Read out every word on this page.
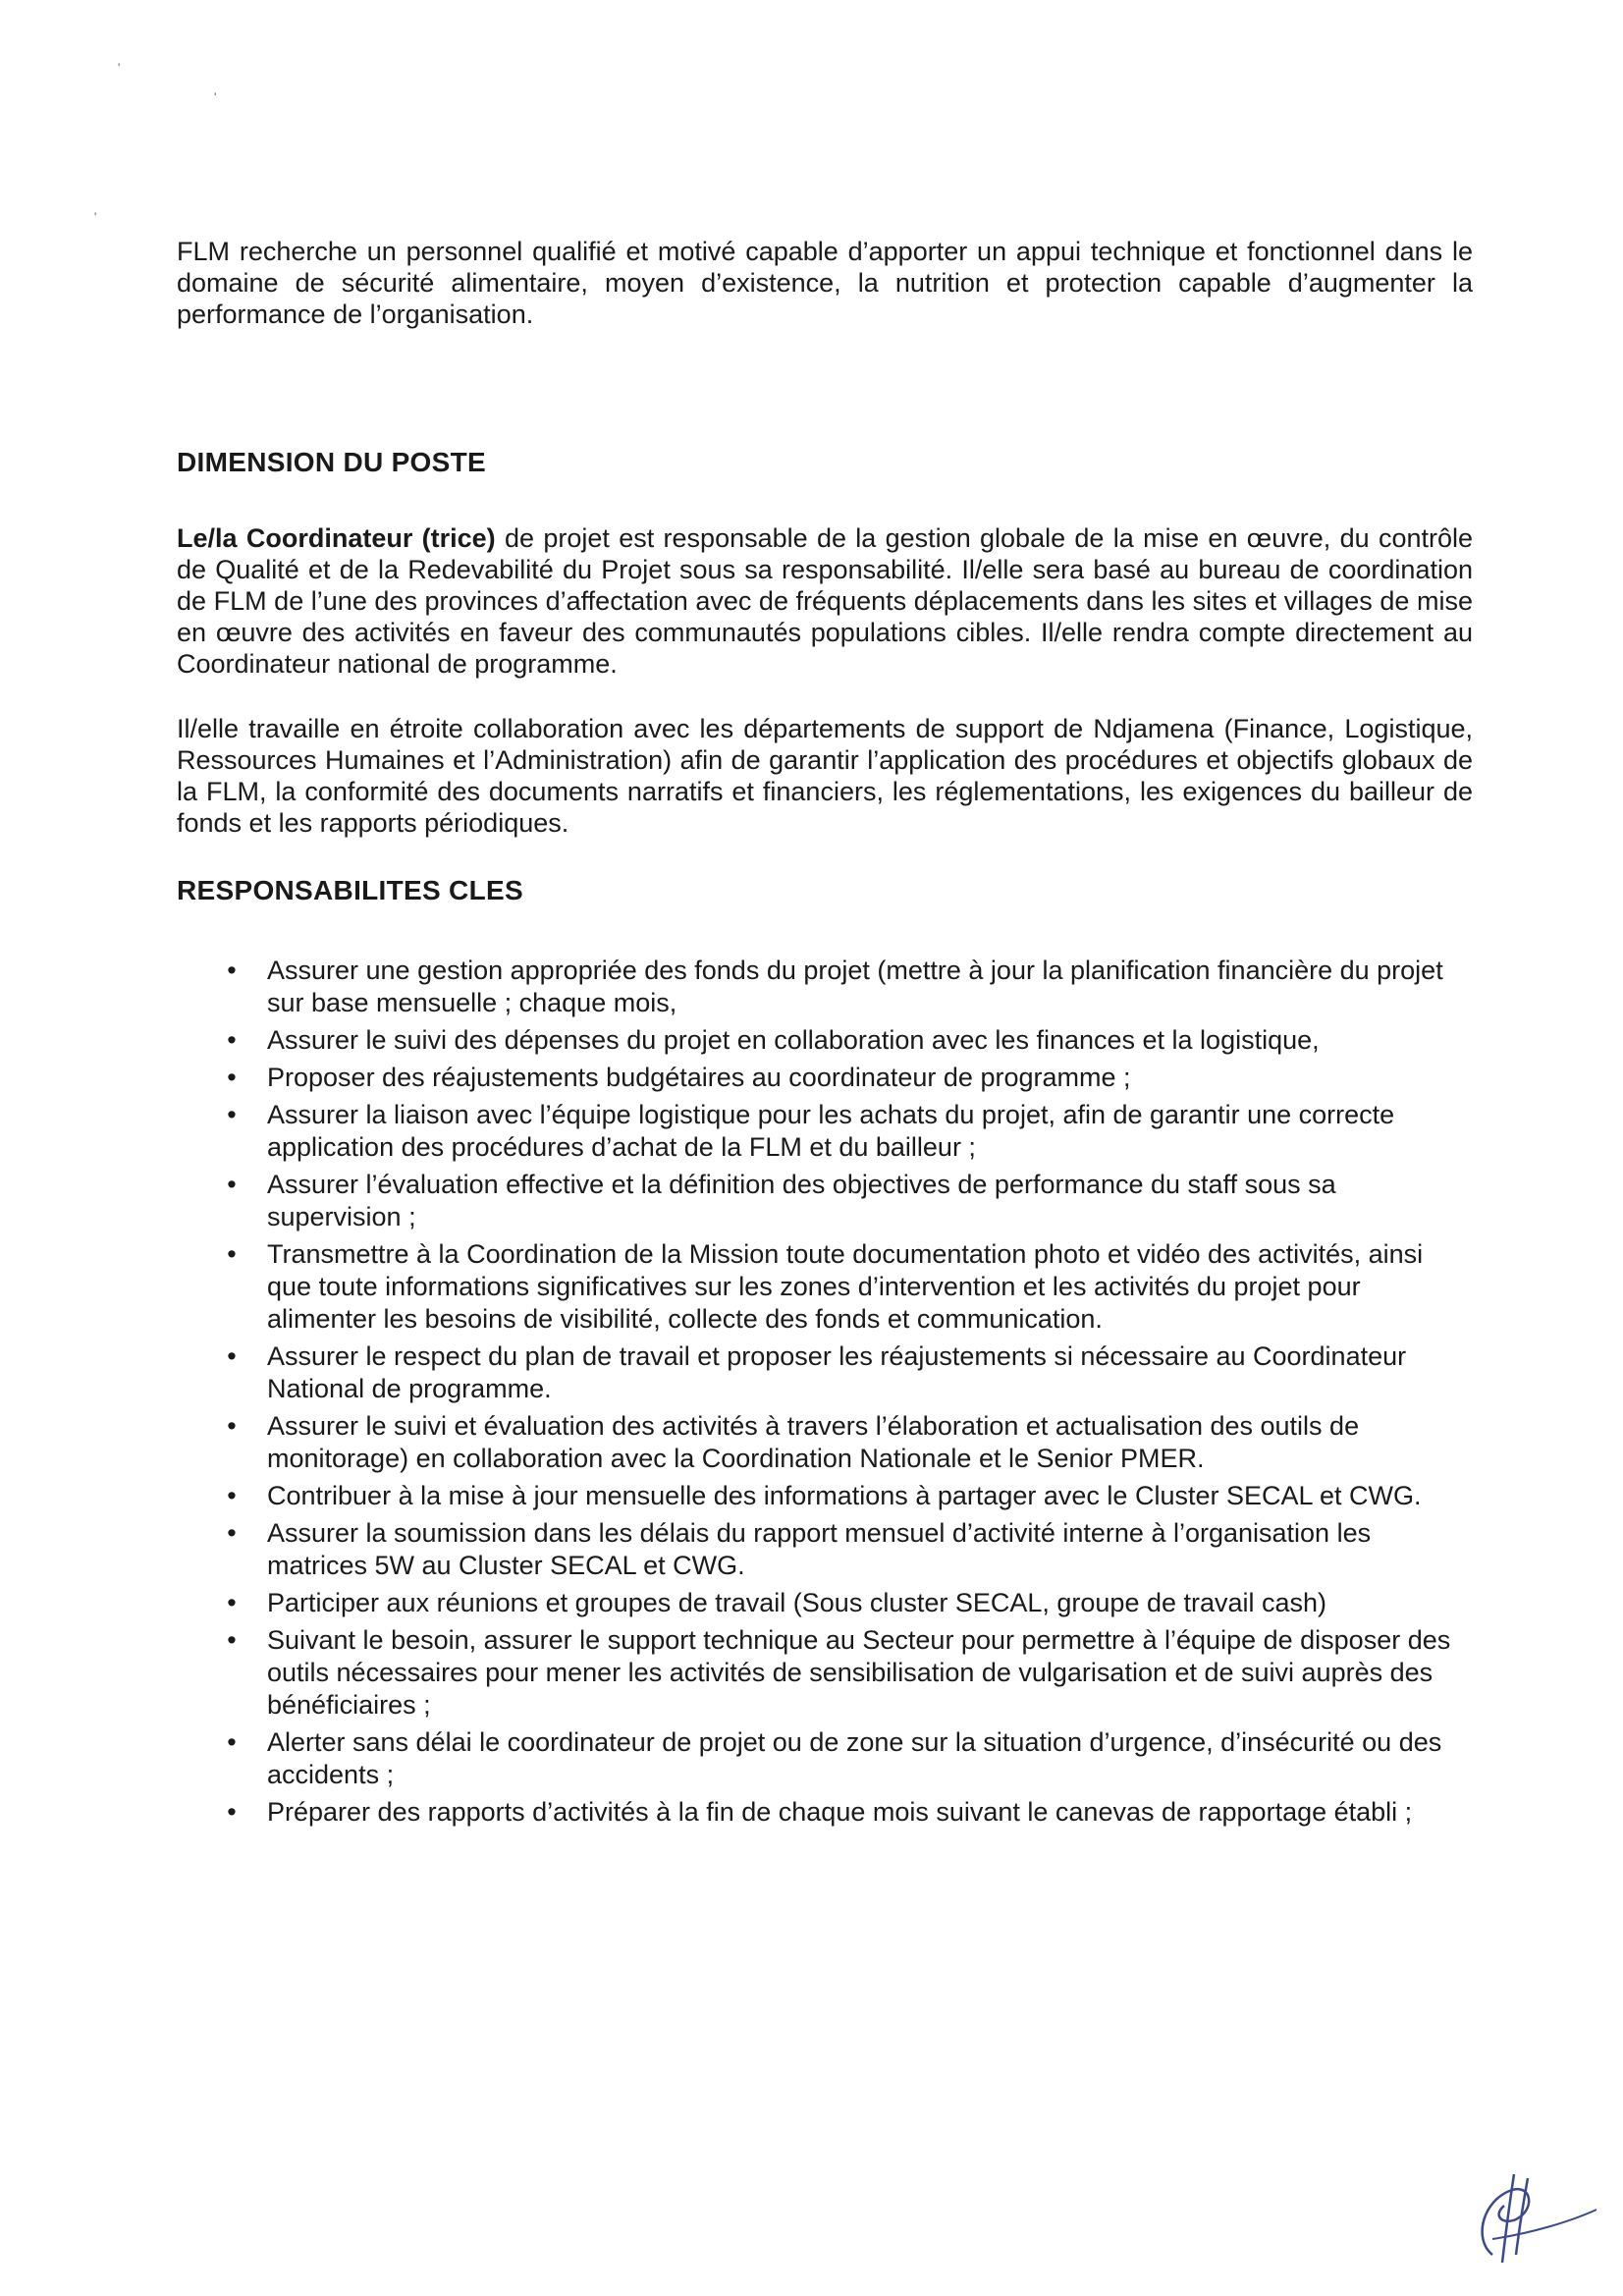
'
'
'

FLM recherche un personnel qualifié et motivé capable d’apporter un appui technique et fonctionnel dans le domaine de sécurité alimentaire, moyen d’existence, la nutrition et protection capable d’augmenter la performance de l’organisation.

DIMENSION DU POSTE

Le/la Coordinateur (trice) de projet est responsable de la gestion globale de la mise en œuvre, du contrôle de Qualité et de la Redevabilité du Projet sous sa responsabilité. Il/elle sera basé au bureau de coordination de FLM de l’une des provinces d’affectation avec de fréquents déplacements dans les sites et villages de mise en œuvre des activités en faveur des communautés populations cibles. Il/elle rendra compte directement au Coordinateur national de programme.

Il/elle travaille en étroite collaboration avec les départements de support de Ndjamena (Finance, Logistique, Ressources Humaines et l’Administration) afin de garantir l’application des procédures et objectifs globaux de la FLM, la conformité des documents narratifs et financiers, les réglementations, les exigences du bailleur de fonds et les rapports périodiques.

RESPONSABILITES CLES
• Assurer une gestion appropriée des fonds du projet (mettre à jour la planification financière du projet sur base mensuelle ; chaque mois,
• Assurer le suivi des dépenses du projet en collaboration avec les finances et la logistique,
• Proposer des réajustements budgétaires au coordinateur de programme ;
• Assurer la liaison avec l’équipe logistique pour les achats du projet, afin de garantir une correcte application des procédures d’achat de la FLM et du bailleur ;
• Assurer l’évaluation effective et la définition des objectives de performance du staff sous sa supervision ;
• Transmettre à la Coordination de la Mission toute documentation photo et vidéo des activités, ainsi que toute informations significatives sur les zones d’intervention et les activités du projet pour alimenter les besoins de visibilité, collecte des fonds et communication.
• Assurer le respect du plan de travail et proposer les réajustements si nécessaire au Coordinateur National de programme.
• Assurer le suivi et évaluation des activités à travers l’élaboration et actualisation des outils de monitorage) en collaboration avec la Coordination Nationale et le Senior PMER.
• Contribuer à la mise à jour mensuelle des informations à partager avec le Cluster SECAL et CWG.
• Assurer la soumission dans les délais du rapport mensuel d’activité interne à l’organisation les matrices 5W au Cluster SECAL et CWG.
• Participer aux réunions et groupes de travail (Sous cluster SECAL, groupe de travail cash)
• Suivant le besoin, assurer le support technique au Secteur pour permettre à l’équipe de disposer des outils nécessaires pour mener les activités de sensibilisation de vulgarisation et de suivi auprès des bénéficiaires ;
• Alerter sans délai le coordinateur de projet ou de zone sur la situation d’urgence, d’insécurité ou des accidents ;
• Préparer des rapports d’activités à la fin de chaque mois suivant le canevas de rapportage établi ;
